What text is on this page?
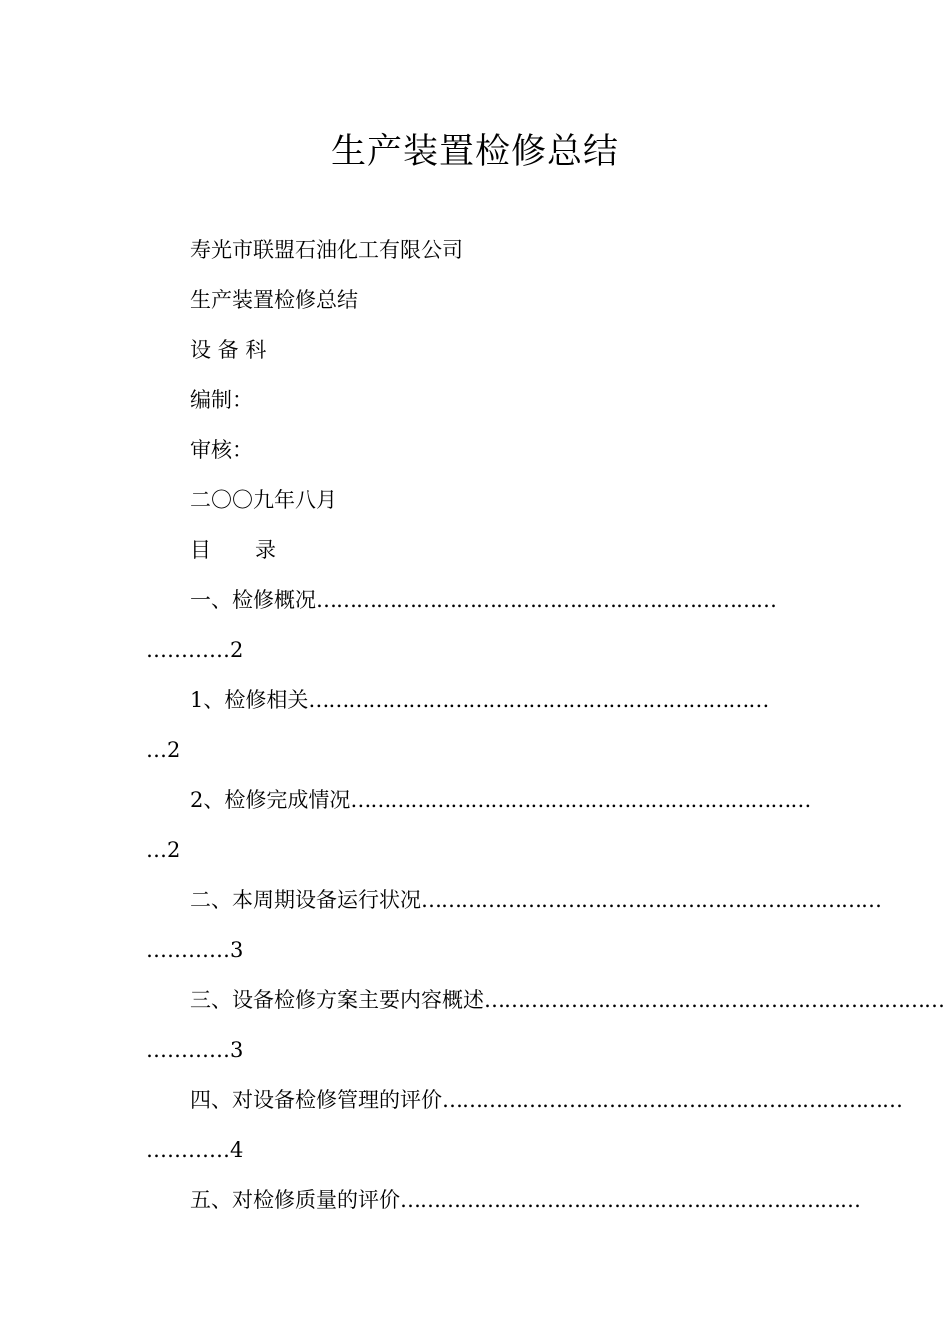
生产装置检修总结
寿光市联盟石油化工有限公司
生产装置检修总结
设 备 科
编制：
审核：
二〇〇九年八月
目 录
一、检修概况……………………………………………………………
…………2
1、检修相关……………………………………………………………
…2
2、检修完成情况……………………………………………………………
…2
二、本周期设备运行状况……………………………………………………………
…………3
三、设备检修方案主要内容概述……………………………………………………………
…………3
四、对设备检修管理的评价……………………………………………………………
…………4
五、对检修质量的评价……………………………………………………………
